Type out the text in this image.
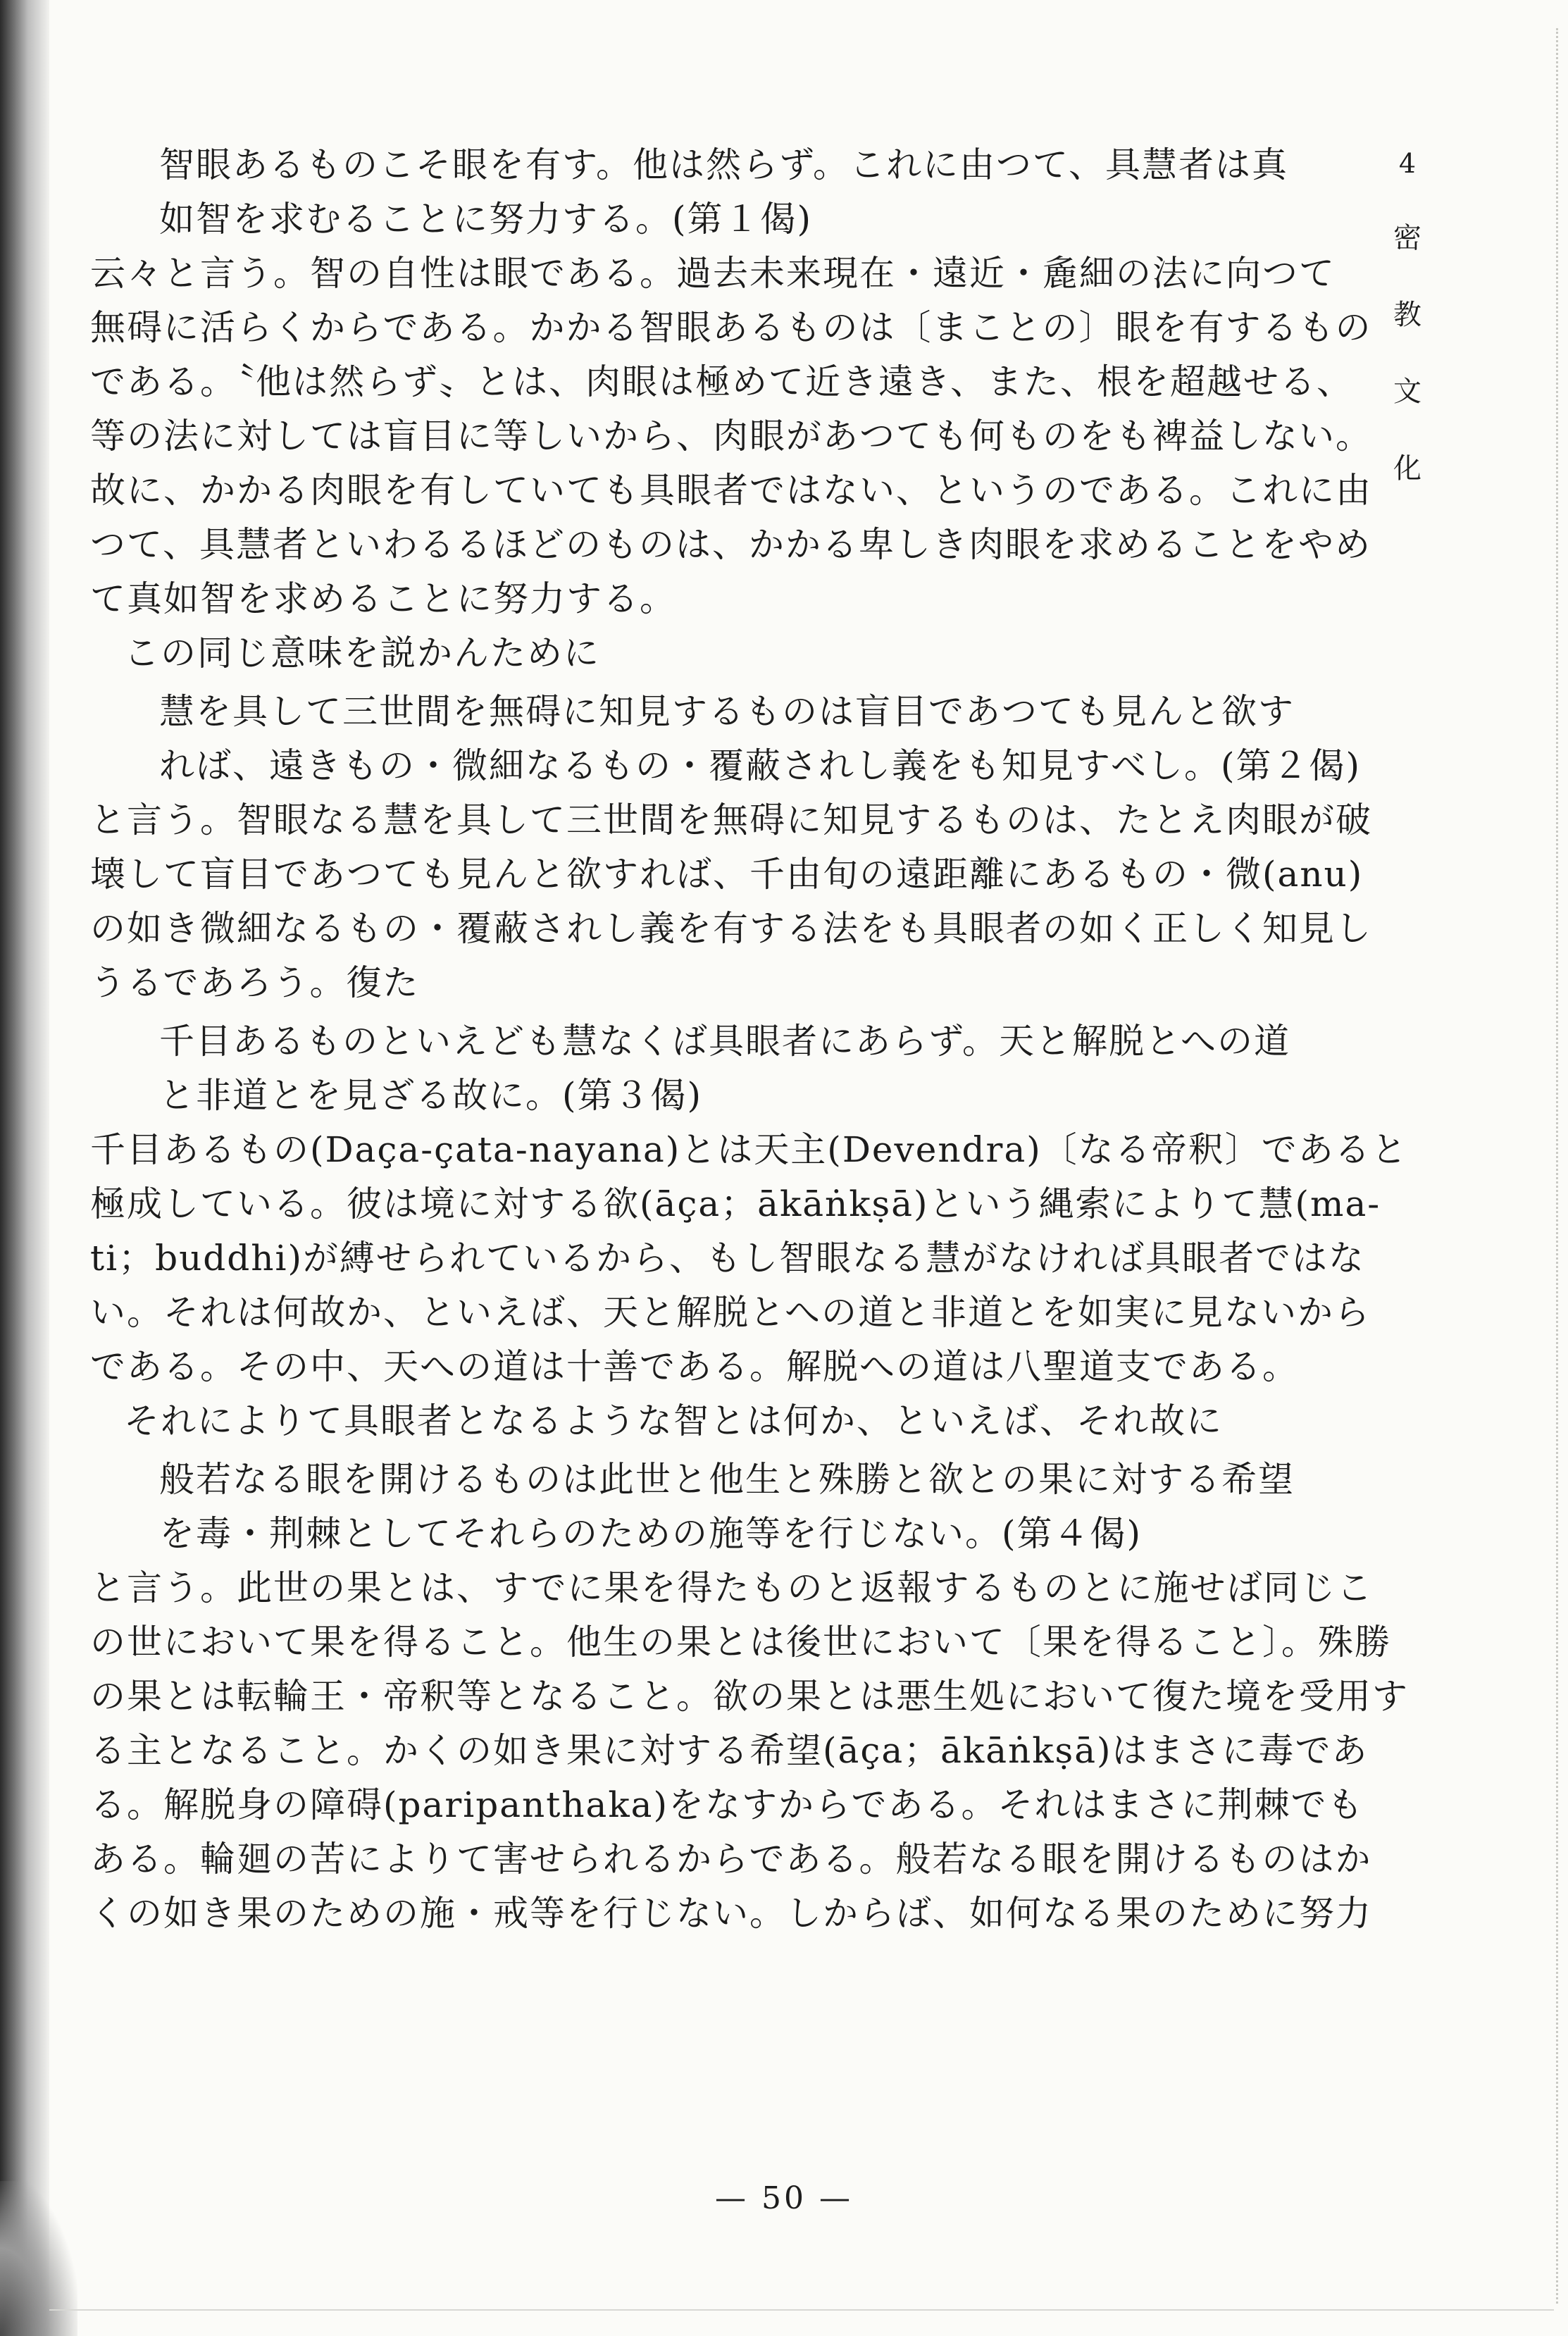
4
密
教
文
化
智眼あるものこそ眼を有す。他は然らず。これに由つて、具慧者は真
如智を求むることに努力する。(第１偈)
云々と言う。智の自性は眼である。過去未来現在・遠近・麁細の法に向つて
無碍に活らくからである。かかる智眼あるものは〔まことの〕眼を有するもの
である。〝他は然らず〟とは、肉眼は極めて近き遠き、また、根を超越せる、
等の法に対しては盲目に等しいから、肉眼があつても何ものをも裨益しない。
故に、かかる肉眼を有していても具眼者ではない、というのである。これに由
つて、具慧者といわるるほどのものは、かかる卑しき肉眼を求めることをやめ
て真如智を求めることに努力する。
この同じ意味を説かんために
慧を具して三世間を無碍に知見するものは盲目であつても見んと欲す
れば、遠きもの・微細なるもの・覆蔽されし義をも知見すべし。(第２偈)
と言う。智眼なる慧を具して三世間を無碍に知見するものは、たとえ肉眼が破
壊して盲目であつても見んと欲すれば、千由旬の遠距離にあるもの・微(anu)
の如き微細なるもの・覆蔽されし義を有する法をも具眼者の如く正しく知見し
うるであろう。復た
千目あるものといえども慧なくば具眼者にあらず。天と解脱とへの道
と非道とを見ざる故に。(第３偈)
千目あるもの(Daça-çata-nayana)とは天主(Devendra)〔なる帝釈〕であると
極成している。彼は境に対する欲(āça；ākāṅkṣā)という縄索によりて慧(ma-
ti；buddhi)が縛せられているから、もし智眼なる慧がなければ具眼者ではな
い。それは何故か、といえば、天と解脱とへの道と非道とを如実に見ないから
である。その中、天への道は十善である。解脱への道は八聖道支である。
それによりて具眼者となるような智とは何か、といえば、それ故に
般若なる眼を開けるものは此世と他生と殊勝と欲との果に対する希望
を毒・荆棘としてそれらのための施等を行じない。(第４偈)
と言う。此世の果とは、すでに果を得たものと返報するものとに施せば同じこ
の世において果を得ること。他生の果とは後世において〔果を得ること〕。殊勝
の果とは転輪王・帝釈等となること。欲の果とは悪生処において復た境を受用す
る主となること。かくの如き果に対する希望(āça；ākāṅkṣā)はまさに毒であ
る。解脱身の障碍(paripanthaka)をなすからである。それはまさに荆棘でも
ある。輪廻の苦によりて害せられるからである。般若なる眼を開けるものはか
くの如き果のための施・戒等を行じない。しからば、如何なる果のために努力
— 50 —
